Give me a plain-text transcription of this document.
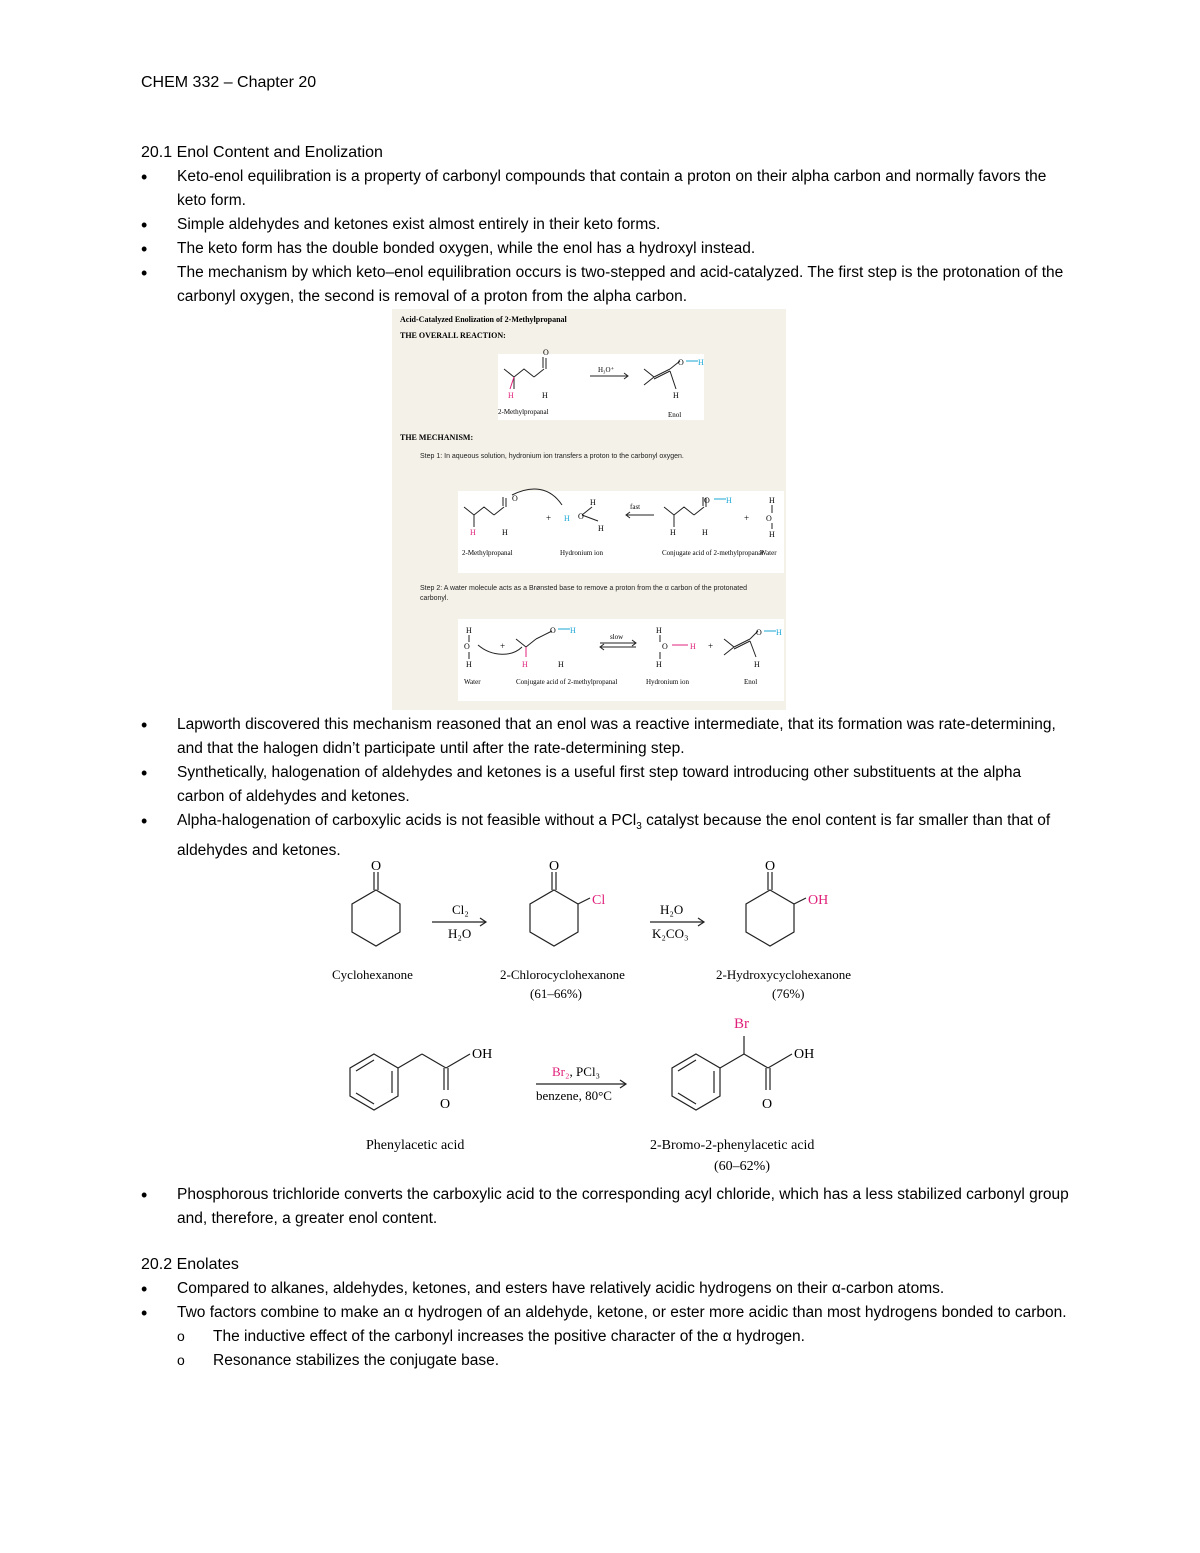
CHEM 332 – Chapter 20
20.1 Enol Content and Enolization
• Keto-enol equilibration is a property of carbonyl compounds that contain a proton on their alpha carbon and normally favors the keto form.
• Simple aldehydes and ketones exist almost entirely in their keto forms.
• The keto form has the double bonded oxygen, while the enol has a hydroxyl instead.
• The mechanism by which keto–enol equilibration occurs is two-stepped and acid-catalyzed. The first step is the protonation of the carbonyl oxygen, the second is removal of a proton from the alpha carbon.
Acid-Catalyzed Enolization of 2-Methylpropanal
THE OVERALL REACTION:
O
H	H
H₃O⁺
O H
H
2-Methylpropanal	Enol
THE MECHANISM:
Step 1: In aqueous solution, hydronium ion transfers a proton to the carbonyl oxygen.
O
H	H
+ H O
H
H
fast
O H
H	H
+
H
O
H
2-Methylpropanal	Hydronium ion	Conjugate acid of 2-methylpropanal
Water
Step 2: A water molecule acts as a Brønsted base to remove a proton from the α carbon of the protonated carbonyl.
H
O
H
+
H	H
O H
slow
H
O	H
H
+
O H
H
Water	Conjugate acid of 2-methylpropanal	Hydronium ion	Enol
• Lapworth discovered this mechanism reasoned that an enol was a reactive intermediate, that its formation was rate-determining, and that the halogen didn’t participate until after the rate-determining step.
• Synthetically, halogenation of aldehydes and ketones is a useful first step toward introducing other substituents at the alpha carbon of aldehydes and ketones.
• Alpha-halogenation of carboxylic acids is not feasible without a PCl$_3$ catalyst because the enol content is far smaller than that of aldehydes and ketones.
O
Cl₂
H₂O
O
Cl
H₂O
K₂CO₃
O
OH
Cyclohexanone	2-Chlorocyclohexanone
(61–66%)
2-Hydroxycyclohexanone
(76%)
OH
O
Br₂, PCl₃
benzene, 80°C
Br
OH
O
Phenylacetic acid	2-Bromo-2-phenylacetic acid
(60–62%)
• Phosphorous trichloride converts the carboxylic acid to the corresponding acyl chloride, which has a less stabilized carbonyl group and, therefore, a greater enol content.
20.2 Enolates
• Compared to alkanes, aldehydes, ketones, and esters have relatively acidic hydrogens on their α-carbon atoms.
• Two factors combine to make an α hydrogen of an aldehyde, ketone, or ester more acidic than most hydrogens bonded to carbon.
o The inductive effect of the carbonyl increases the positive character of the α hydrogen.
o Resonance stabilizes the conjugate base.
